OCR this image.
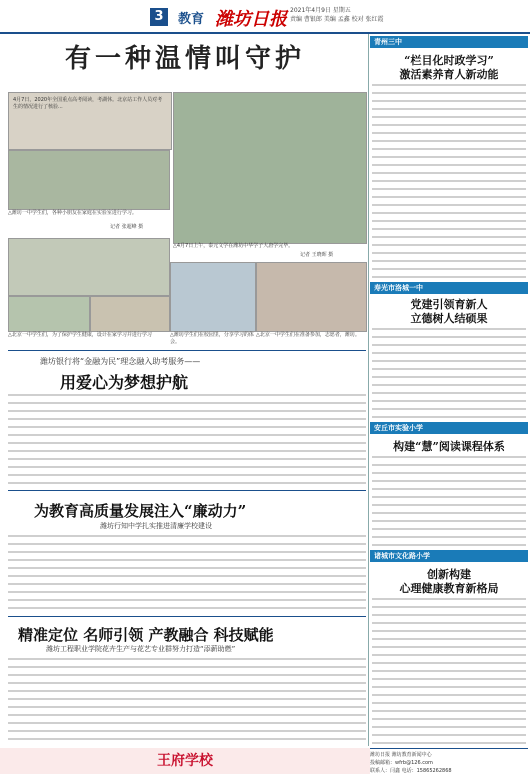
3	教育 潍坊日报 2021年4月9日 星期五
责编 曹银郎 美编 孟鑫 校对 张红霞
有一种温情叫守护
4月7日，2020年全国重点高考阅读，考湖休。北京站工作人员对考生的情况进行了核验...
△潍坊一中学生们，各种小朋友在家庭在实验室进行学习。
记者 张超峰 摄
△4月7日上午，泰元文学在潍坊中华学子大唐学完毕。
记者 王晓晖 摄
△北京一中学生们，为了保护学生健康，设计在家学习并进行学习	△潍坊学生们在校园里，分享学习的体会。
△北京一中学生们在准备参加，志愿者，潍坊。
潍坊银行将“金融为民”理念融入助考服务——
用爱心为梦想护航
为教育高质量发展注入“廉动力”
潍坊行知中学扎实推进清廉学校建设
精准定位 名师引领 产教融合 科技赋能
潍坊工程职业学院花卉生产与花艺专业群努力打造“添薪助燃”
王府学校
青州三中
“栏目化时政学习”
激活素养育人新动能
寿光市洛城一中
党建引领育新人
立德树人结硕果
安丘市实验小学
构建“慧”阅读课程体系
诸城市文化路小学
创新构建
心理健康教育新格局
潍坊日报 潍坊教育新闻中心
投稿邮箱：wfrb@126.com
联系人：闫鑫 电话：15865262868
